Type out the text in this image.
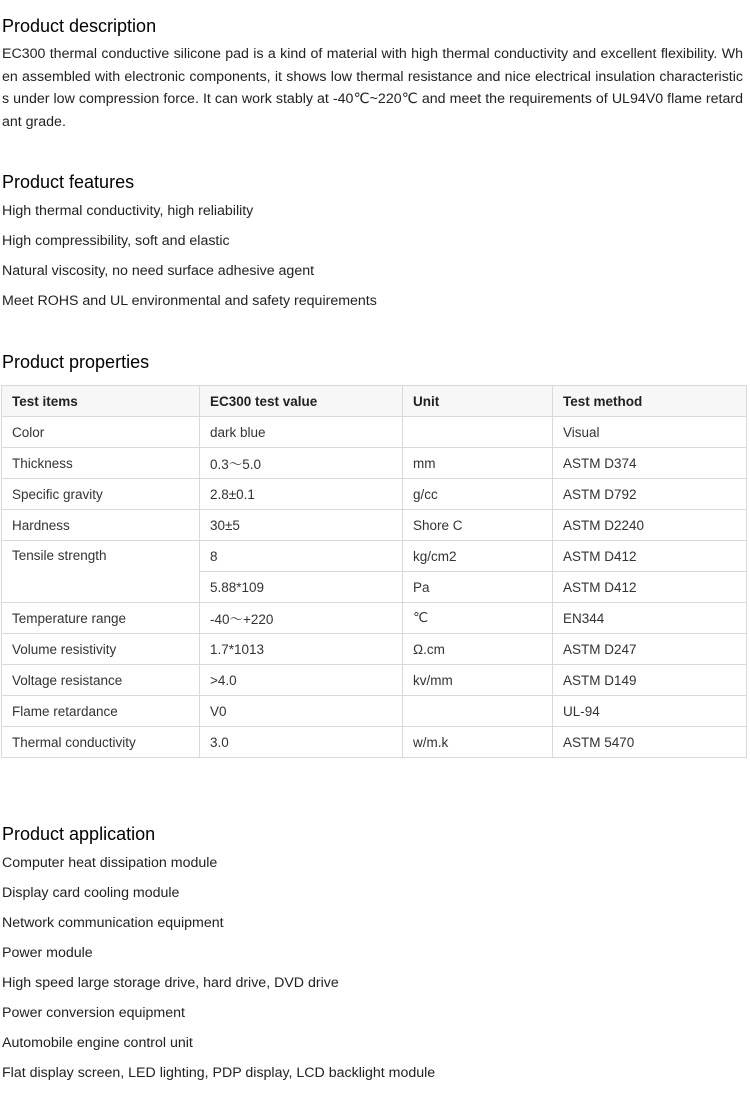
Product description

EC300 thermal conductive silicone pad is a kind of material with high thermal conductivity and excellent flexibility. When assembled with electronic components, it shows low thermal resistance and nice electrical insulation characteristics under low compression force. It can work stably at -40℃~220℃ and meet the requirements of UL94V0 flame retardant grade.

Product features
High thermal conductivity, high reliability
High compressibility, soft and elastic
Natural viscosity, no need surface adhesive agent
Meet ROHS and UL environmental and safety requirements
Product properties
Test items	EC300 test value	Unit	Test method
Color	dark blue		Visual
Thickness	0.3～5.0	mm	ASTM D374
Specific gravity	2.8±0.1	g/cc	ASTM D792
Hardness	30±5	Shore C	ASTM D2240
Tensile strength	8	kg/cm2	ASTM D412
	5.88*109	Pa	ASTM D412
Temperature range	-40～+220	℃	EN344
Volume resistivity	1.7*1013	Ω.cm	ASTM D247
Voltage resistance	>4.0	kv/mm	ASTM D149
Flame retardance	V0		UL-94
Thermal conductivity	3.0	w/m.k	ASTM 5470
Product application
Computer heat dissipation module
Display card cooling module
Network communication equipment
Power module
High speed large storage drive, hard drive, DVD drive
Power conversion equipment
Automobile engine control unit
Flat display screen, LED lighting, PDP display, LCD backlight module
